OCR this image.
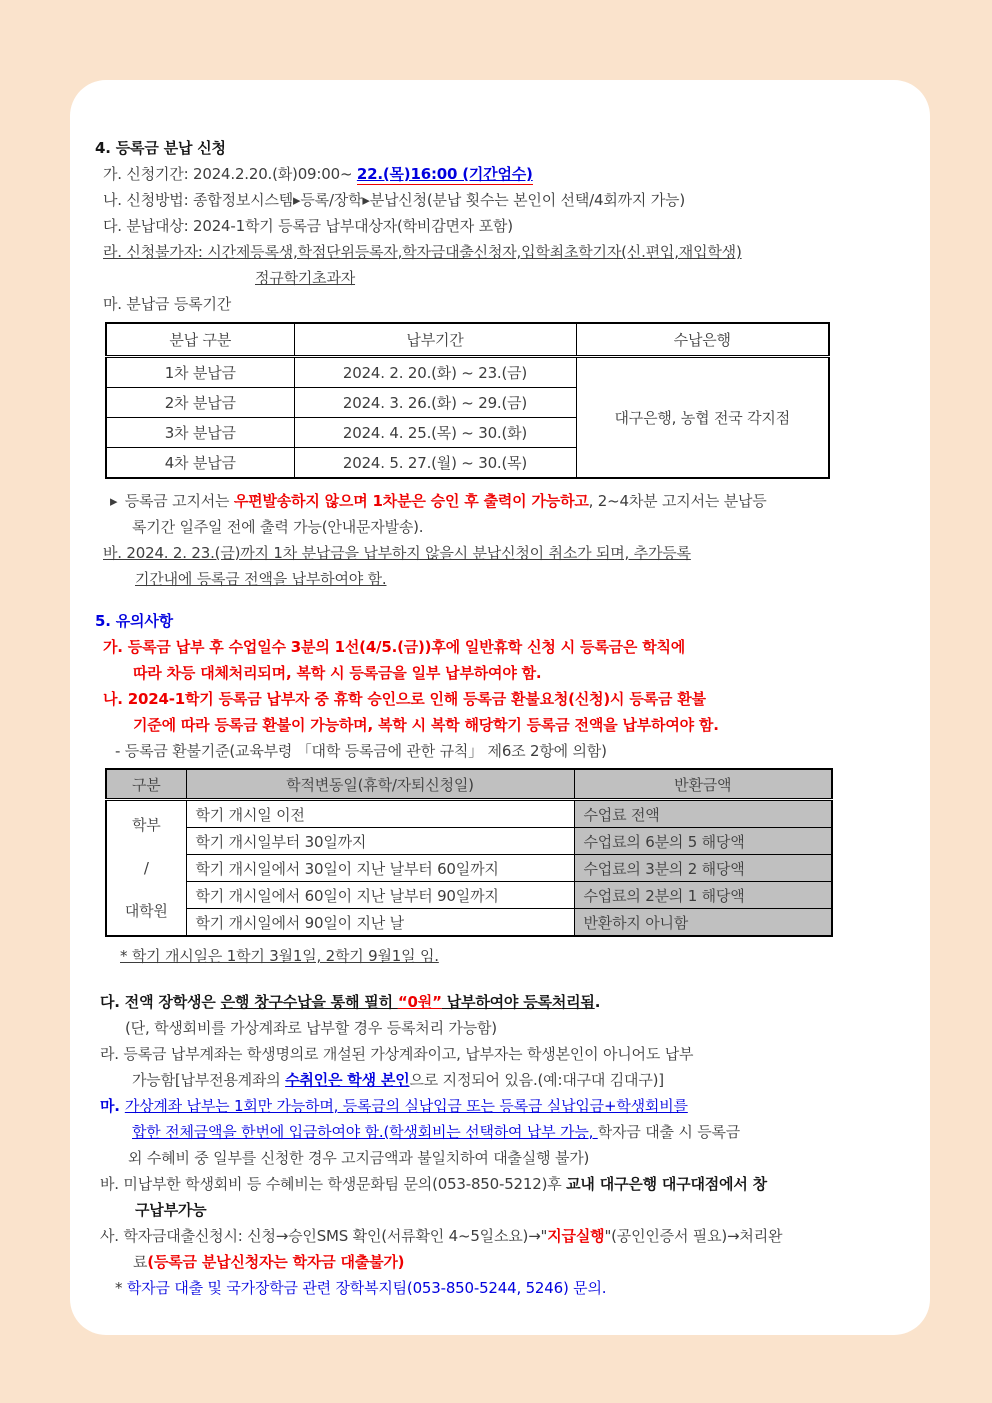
4. 등록금 분납 신청
가. 신청기간: 2024.2.20.(화)09:00~ 22.(목)16:00 (기간엄수)
나. 신청방법: 종합정보시스템▸등록/장학▸분납신청(분납 횟수는 본인이 선택/4회까지 가능)
다. 분납대상: 2024-1학기 등록금 납부대상자(학비감면자 포함)
라. 신청불가자: 시간제등록생,학점단위등록자,학자금대출신청자,입학최초학기자(신.편입,재입학생)
정규학기초과자
마. 분납금 등록기간
분납 구분	납부기간	수납은행
1차 분납금	2024. 2. 20.(화) ~ 23.(금)	대구은행, 농협 전국 각지점
2차 분납금	2024. 3. 26.(화) ~ 29.(금)	
3차 분납금	2024. 4. 25.(목) ~ 30.(화)	
4차 분납금	2024. 5. 27.(월) ~ 30.(목)	
▸  등록금 고지서는 우편발송하지 않으며 1차분은 승인 후 출력이 가능하고, 2~4차분 고지서는 분납등
록기간 일주일 전에 출력 가능(안내문자발송).
바. 2024. 2. 23.(금)까지 1차 분납금을 납부하지 않을시 분납신청이 취소가 되며, 추가등록
기간내에 등록금 전액을 납부하여야 함.
5. 유의사항
가. 등록금 납부 후 수업일수 3분의 1선(4/5.(금))후에 일반휴학 신청 시 등록금은 학칙에
따라 차등 대체처리되며, 복학 시 등록금을 일부 납부하여야 함.
나. 2024-1학기 등록금 납부자 중 휴학 승인으로 인해 등록금 환불요청(신청)시 등록금 환불
기준에 따라 등록금 환불이 가능하며, 복학 시 복학 해당학기 등록금 전액을 납부하여야 함.
- 등록금 환불기준(교육부령 「대학 등록금에 관한 규칙」 제6조 2항에 의함)
구분	학적변동일(휴학/자퇴신청일)	반환금액
학부
/
대학원	학기 개시일 이전	수업료 전액
	학기 개시일부터 30일까지	수업료의 6분의 5 해당액
	학기 개시일에서 30일이 지난 날부터 60일까지	수업료의 3분의 2 해당액
	학기 개시일에서 60일이 지난 날부터 90일까지	수업료의 2분의 1 해당액
	학기 개시일에서 90일이 지난 날	반환하지 아니함
* 학기 개시일은 1학기 3월1일, 2학기 9월1일 임.
다. 전액 장학생은 은행 창구수납을 통해 필히 “0원” 납부하여야 등록처리됨.
(단, 학생회비를 가상계좌로 납부할 경우 등록처리 가능함)
라. 등록금 납부계좌는 학생명의로 개설된 가상계좌이고, 납부자는 학생본인이 아니어도 납부
가능함[납부전용계좌의 수취인은 학생 본인으로 지정되어 있음.(예:대구대 김대구)]
마. 가상계좌 납부는 1회만 가능하며, 등록금의 실납입금 또는 등록금 실납입금+학생회비를
합한 전체금액을 한번에 입금하여야 함.(학생회비는 선택하여 납부 가능, 학자금 대출 시 등록금
외 수혜비 중 일부를 신청한 경우 고지금액과 불일치하여 대출실행 불가)
바. 미납부한 학생회비 등 수혜비는 학생문화팀 문의(053-850-5212)후 교내 대구은행 대구대점에서 창
구납부가능
사. 학자금대출신청시: 신청→승인SMS 확인(서류확인 4~5일소요)→"지급실행"(공인인증서 필요)→처리완
료(등록금 분납신청자는 학자금 대출불가)
* 학자금 대출 및 국가장학금 관련 장학복지팀(053-850-5244, 5246) 문의.
